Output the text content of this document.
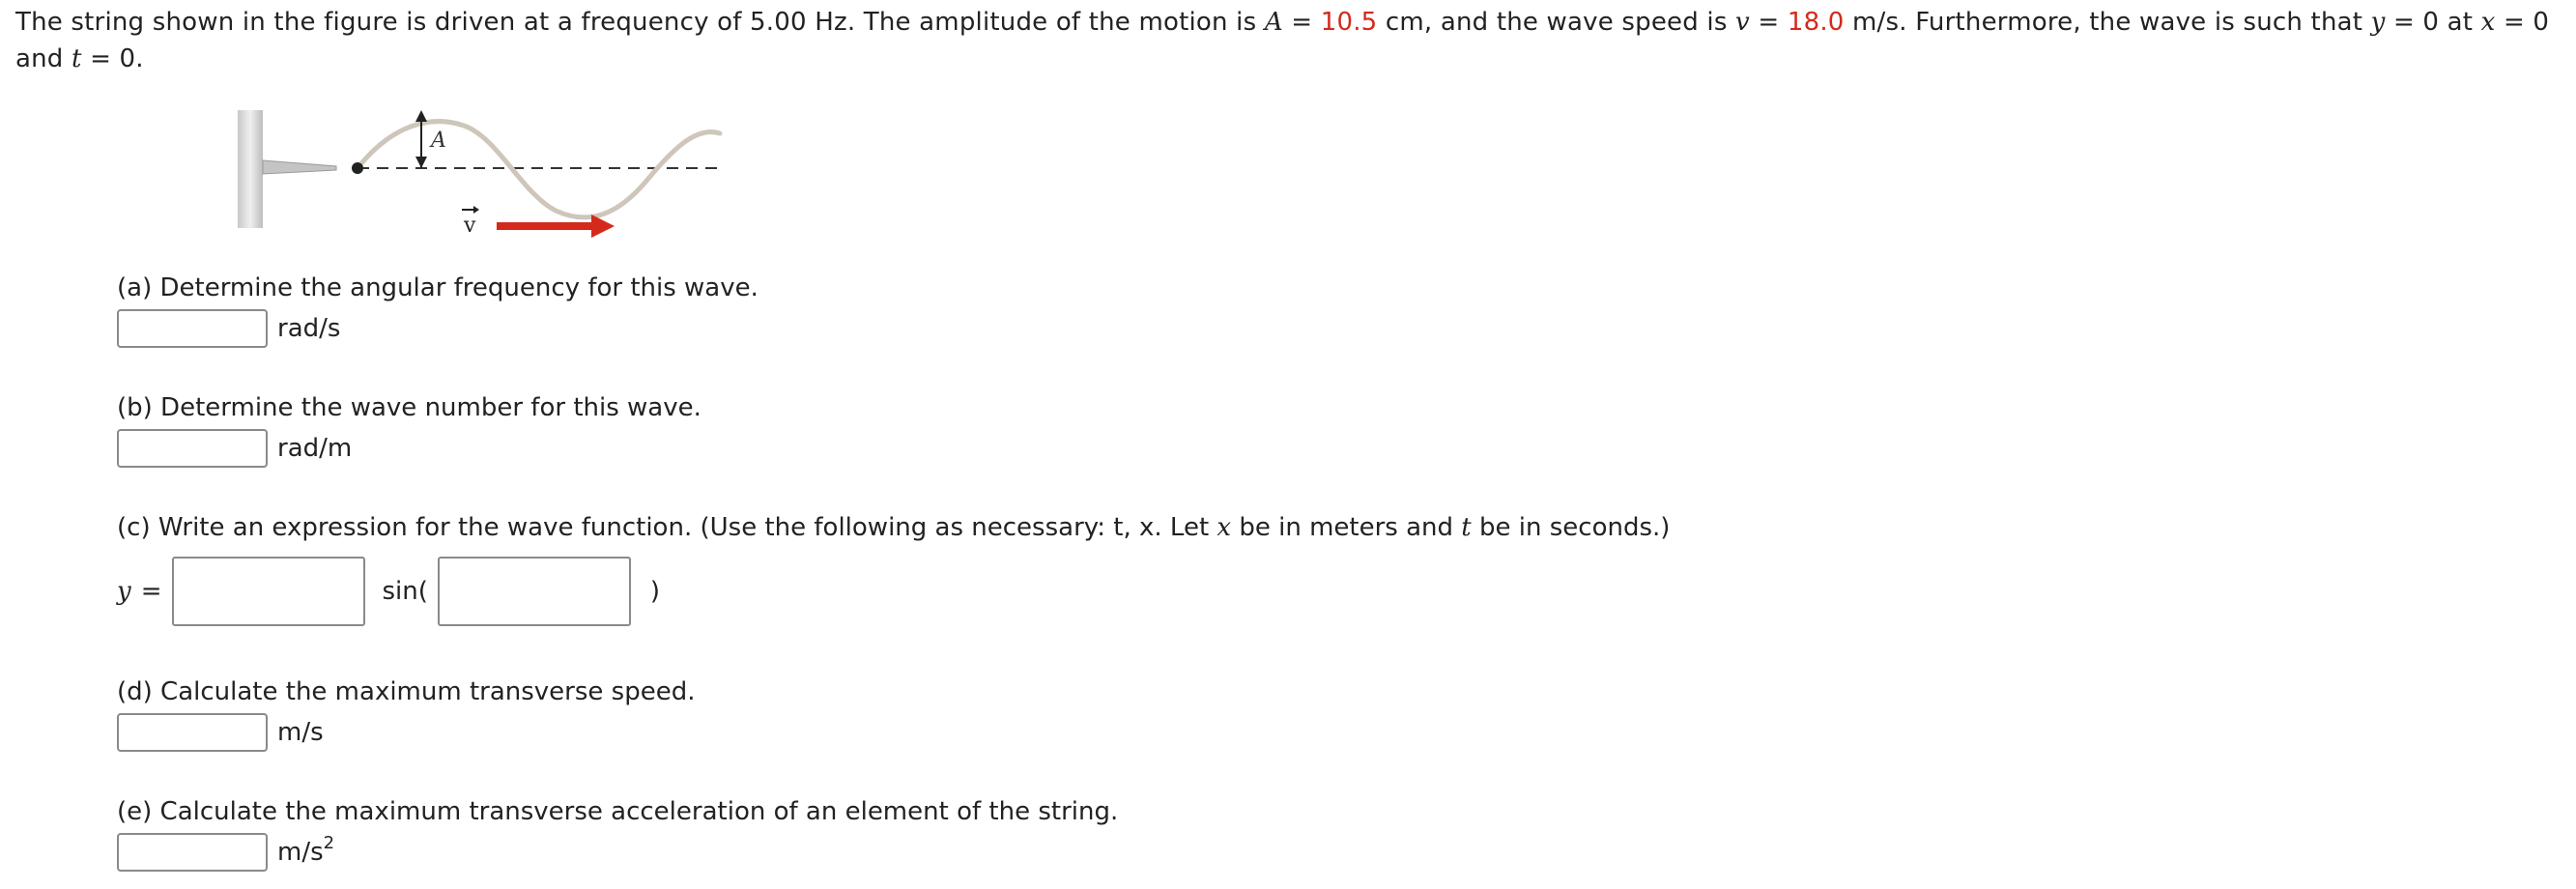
The string shown in the figure is driven at a frequency of 5.00 Hz. The amplitude of the motion is A = 10.5 cm, and the wave speed is v = 18.0 m/s. Furthermore, the wave is such that y = 0 at x = 0 and t = 0.
A
v
(a) Determine the angular frequency for this wave.
rad/s
(b) Determine the wave number for this wave.
rad/m
(c) Write an expression for the wave function. (Use the following as necessary: t, x. Let x be in meters and t be in seconds.)
y =	sin(	)
(d) Calculate the maximum transverse speed.
m/s
(e) Calculate the maximum transverse acceleration of an element of the string.
$m/s^2$
